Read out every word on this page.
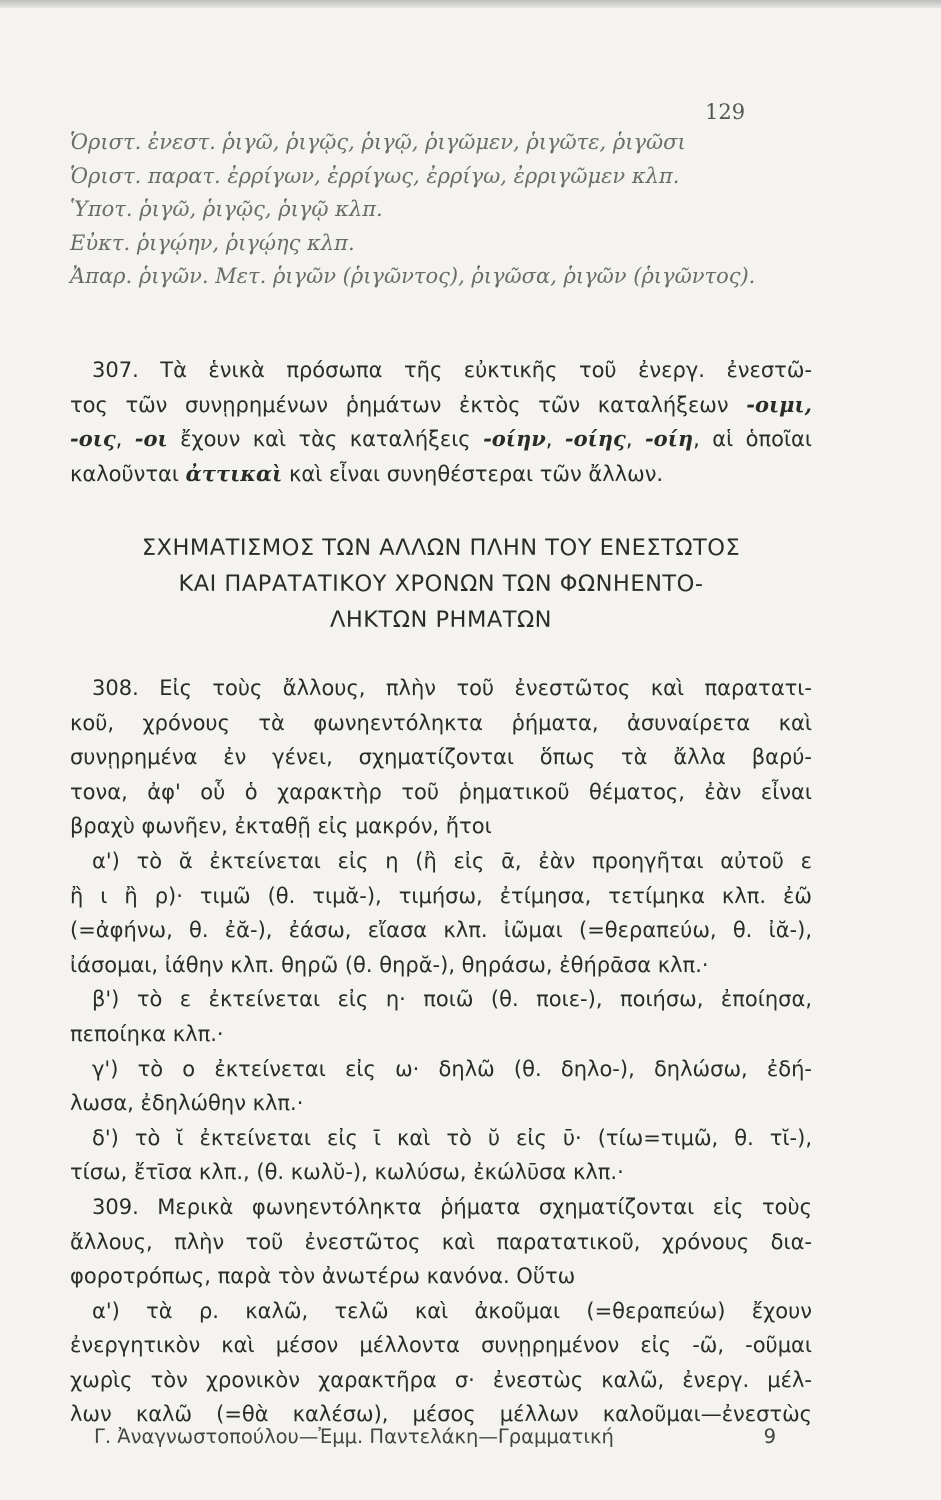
129
Ὁριστ. ἐνεστ. ῥιγῶ, ῥιγῷς, ῥιγῷ, ῥιγῶμεν, ῥιγῶτε, ῥιγῶσι
Ὁριστ. παρατ. ἐρρίγων, ἐρρίγως, ἐρρίγω, ἐρριγῶμεν κλπ.
Ὑποτ. ῥιγῶ, ῥιγῷς, ῥιγῷ κλπ.
Εὐκτ. ῥιγῴην, ῥιγῴης κλπ.
Ἀπαρ. ῥιγῶν. Μετ. ῥιγῶν (ῥιγῶντος), ῥιγῶσα, ῥιγῶν (ῥιγῶντος).
307. Τὰ ἑνικὰ πρόσωπα τῆς εὐκτικῆς τοῦ ἐνεργ. ἐνεστῶ-
τος τῶν συνῃρημένων ῥημάτων ἐκτὸς τῶν καταλήξεων -οιμι,
-οις, -οι ἔχουν καὶ τὰς καταλήξεις -οίην, -οίης, -οίη, αἱ ὁποῖαι
καλοῦνται ἀττικαὶ καὶ εἶναι συνηθέστεραι τῶν ἄλλων.
ΣΧΗΜΑΤΙΣΜΟΣ ΤΩΝ ΑΛΛΩΝ ΠΛΗΝ ΤΟΥ ΕΝΕΣΤΩΤΟΣ
ΚΑΙ ΠΑΡΑΤΑΤΙΚΟΥ ΧΡΟΝΩΝ ΤΩΝ ΦΩΝΗΕΝΤΟ-
ΛΗΚΤΩΝ ΡΗΜΑΤΩΝ
308. Εἰς τοὺς ἄλλους, πλὴν τοῦ ἐνεστῶτος καὶ παρατατι-
κοῦ, χρόνους τὰ φωνηεντόληκτα ῥήματα, ἀσυναίρετα καὶ
συνῃρημένα ἐν γένει, σχηματίζονται ὅπως τὰ ἄλλα βαρύ-
τονα, ἀφ' οὗ ὁ χαρακτὴρ τοῦ ῥηματικοῦ θέματος, ἐὰν εἶναι
βραχὺ φωνῆεν, ἐκταθῇ εἰς μακρόν, ἤτοι
α') τὸ ᾰ ἐκτείνεται εἰς η (ἢ εἰς ᾱ, ἐὰν προηγῆται αὐτοῦ ε
ἢ ι ἢ ρ)· τιμῶ (θ. τιμᾰ-), τιμήσω, ἐτίμησα, τετίμηκα κλπ. ἐῶ
(=ἀφήνω, θ. ἐᾰ-), ἐάσω, εἴασα κλπ. ἰῶμαι (=θεραπεύω, θ. ἰᾰ-),
ἰάσομαι, ἰάθην κλπ. θηρῶ (θ. θηρᾰ-), θηράσω, ἐθήρᾱσα κλπ.·
β') τὸ ε ἐκτείνεται εἰς η· ποιῶ (θ. ποιε-), ποιήσω, ἐποίησα,
πεποίηκα κλπ.·
γ') τὸ ο ἐκτείνεται εἰς ω· δηλῶ (θ. δηλο-), δηλώσω, ἐδή-
λωσα, ἐδηλώθην κλπ.·
δ') τὸ ῐ ἐκτείνεται εἰς ῑ καὶ τὸ ῠ εἰς ῡ· (τίω=τιμῶ, θ. τῐ-),
τίσω, ἔτῑσα κλπ., (θ. κωλῠ-), κωλύσω, ἐκώλῡσα κλπ.·
309. Μερικὰ φωνηεντόληκτα ῥήματα σχηματίζονται εἰς τοὺς
ἄλλους, πλὴν τοῦ ἐνεστῶτος καὶ παρατατικοῦ, χρόνους δια-
φοροτρόπως, παρὰ τὸν ἀνωτέρω κανόνα. Οὕτω
α') τὰ ρ. καλῶ, τελῶ καὶ ἀκοῦμαι (=θεραπεύω) ἔχουν
ἐνεργητικὸν καὶ μέσον μέλλοντα συνῃρημένον εἰς -ῶ, -οῦμαι
χωρὶς τὸν χρονικὸν χαρακτῆρα σ· ἐνεστὼς καλῶ, ἐνεργ. μέλ-
λων καλῶ (=θὰ καλέσω), μέσος μέλλων καλοῦμαι—ἐνεστὼς
Γ. Ἀναγνωστοπούλου—Ἐμμ. Παντελάκη—Γραμματική	9
